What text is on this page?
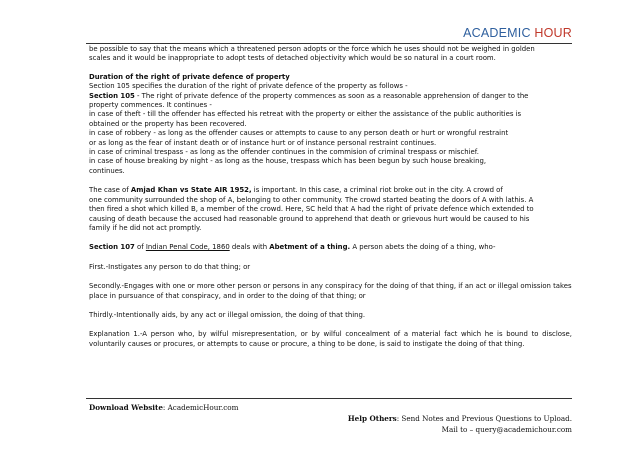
ACADEMIC HOUR

be possible to say that the means which a threatened person adopts or the force which he uses should not be weighed in golden

scales and it would be inappropriate to adopt tests of detached objectivity which would be so natural in a court room.

Duration of the right of private defence of property

Section 105 specifies the duration of the right of private defence of the property as follows -

Section 105 - The right of private defence of the property commences as soon as a reasonable apprehension of danger to the

property commences. It continues -

in case of theft - till the offender has effected his retreat with the property or either the assistance of the public authorities is

obtained or the property has been recovered.

in case of robbery - as long as the offender causes or attempts to cause to any person death or hurt or wrongful restraint

or as long as the fear of instant death or of instance hurt or of instance personal restraint continues.

in case of criminal trespass - as long as the offender continues in the commision of criminal trespass or mischief.

in case of house breaking by night - as long as the house, trespass which has been begun by such house breaking,

continues.

The case of Amjad Khan vs State AIR 1952, is important. In this case, a criminal riot broke out in the city. A crowd of

one community surrounded the shop of A, belonging to other community. The crowd started beating the doors of A with lathis. A

then fired a shot which killed B, a member of the crowd. Here, SC held that A had the right of private defence which extended to

causing of death because the accused had reasonable ground to apprehend that death or grievous hurt would be caused to his

family if he did not act promptly.

Section 107 of Indian Penal Code, 1860 deals with Abetment of a thing. A person abets the doing of a thing, who-

First.-Instigates any person to do that thing; or

Secondly.-Engages with one or more other person or persons in any conspiracy for the doing of that thing, if an act or illegal omission takes place in pursuance of that conspiracy, and in order to the doing of that thing; or

Thirdly.-Intentionally aids, by any act or illegal omission, the doing of that thing.

Explanation 1.-A person who, by wilful misrepresentation, or by wilful concealment of a material fact which he is bound to disclose, voluntarily causes or procures, or attempts to cause or procure, a thing to be done, is said to instigate the doing of that thing.

Download Website: AcademicHour.com
Help Others: Send Notes and Previous Questions to Upload.
Mail to – query@academichour.com
